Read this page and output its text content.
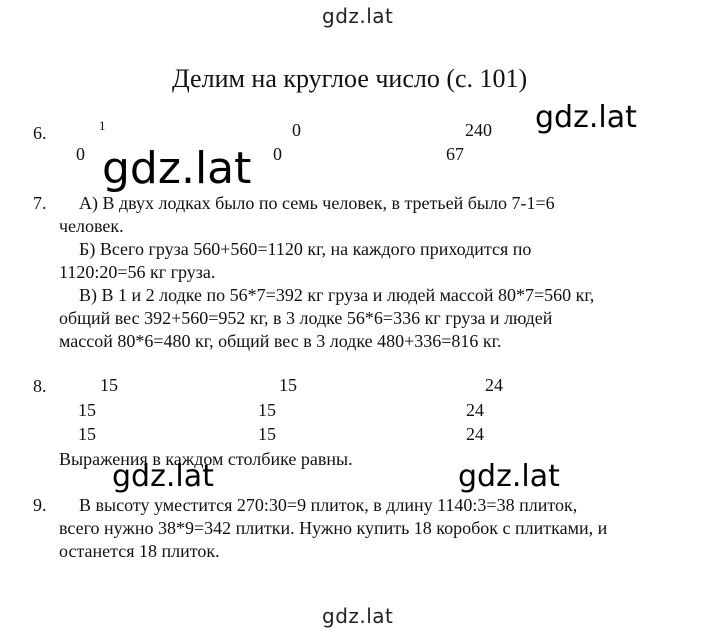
gdz.lat
Делим на круглое число (с. 101)
6.	1	0	240
0	0	67
7. А) В двух лодках было по семь человек, в третьей было 7-1=6
человек.
Б) Всего груза 560+560=1120 кг, на каждого приходится по
1120:20=56 кг груза.
В) В 1 и 2 лодке по 56*7=392 кг груза и людей массой 80*7=560 кг,
общий вес 392+560=952 кг, в 3 лодке 56*6=336 кг груза и людей
массой 80*6=480 кг, общий вес в 3 лодке 480+336=816 кг.
8.	15	15	24
15	15	24
15	15	24
Выражения в каждом столбике равны.
9. В высоту уместится 270:30=9 плиток, в длину 1140:3=38 плиток,
всего нужно 38*9=342 плитки. Нужно купить 18 коробок с плитками, и
останется 18 плиток.
gdz.lat
gdz.lat
gdz.lat	gdz.lat
gdz.lat
